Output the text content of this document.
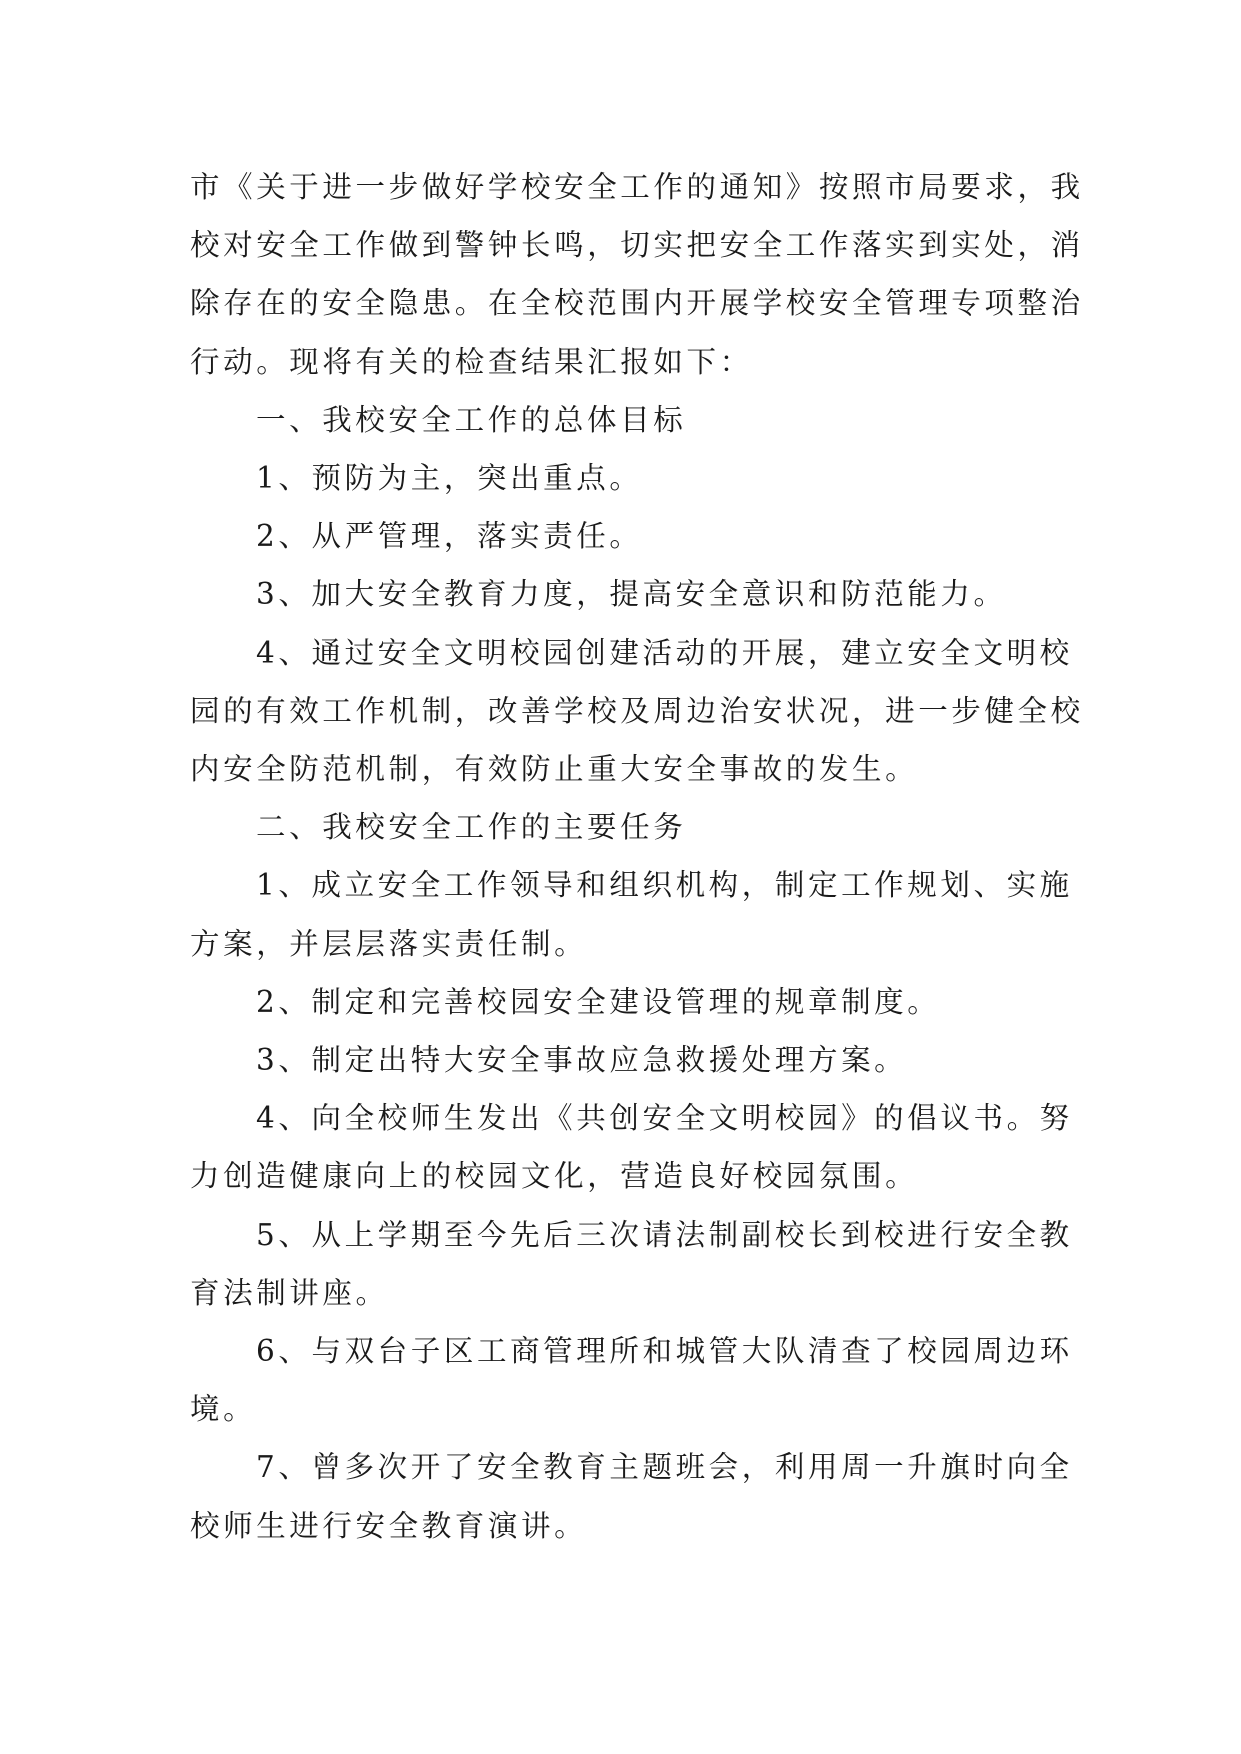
市《关于进一步做好学校安全工作的通知》按照市局要求，我校对安全工作做到警钟长鸣，切实把安全工作落实到实处，消除存在的安全隐患。在全校范围内开展学校安全管理专项整治行动。现将有关的检查结果汇报如下：

一、我校安全工作的总体目标

1、预防为主，突出重点。

2、从严管理，落实责任。

3、加大安全教育力度，提高安全意识和防范能力。

4、通过安全文明校园创建活动的开展，建立安全文明校园的有效工作机制，改善学校及周边治安状况，进一步健全校内安全防范机制，有效防止重大安全事故的发生。

二、我校安全工作的主要任务

1、成立安全工作领导和组织机构，制定工作规划、实施方案，并层层落实责任制。

2、制定和完善校园安全建设管理的规章制度。

3、制定出特大安全事故应急救援处理方案。

4、向全校师生发出《共创安全文明校园》的倡议书。努力创造健康向上的校园文化，营造良好校园氛围。

5、从上学期至今先后三次请法制副校长到校进行安全教育法制讲座。

6、与双台子区工商管理所和城管大队清查了校园周边环境。

7、曾多次开了安全教育主题班会，利用周一升旗时向全校师生进行安全教育演讲。
